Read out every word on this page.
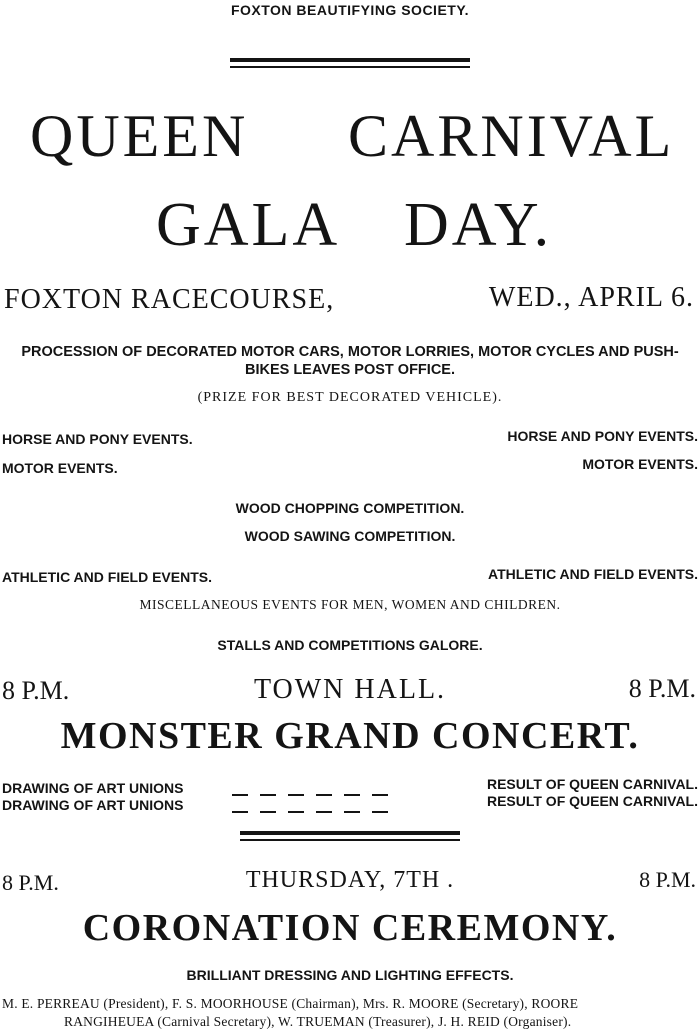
FOXTON BEAUTIFYING SOCIETY.
QUEEN CARNIVAL
GALA DAY.
FOXTON RACECOURSE,	WED., APRIL 6.
PROCESSION OF DECORATED MOTOR CARS, MOTOR LORRIES, MOTOR CYCLES AND PUSH-
BIKES LEAVES POST OFFICE.
(PRIZE FOR BEST DECORATED VEHICLE).
HORSE AND PONY EVENTS.	HORSE AND PONY EVENTS.
MOTOR EVENTS.	MOTOR EVENTS.
WOOD CHOPPING COMPETITION.
WOOD SAWING COMPETITION.
ATHLETIC AND FIELD EVENTS.	ATHLETIC AND FIELD EVENTS.
MISCELLANEOUS EVENTS FOR MEN, WOMEN AND CHILDREN.
STALLS AND COMPETITIONS GALORE.
8 P.M.	TOWN HALL.	8 P.M.
MONSTER GRAND CONCERT.
DRAWING OF ART UNIONS	RESULT OF QUEEN CARNIVAL.
DRAWING OF ART UNIONS	RESULT OF QUEEN CARNIVAL.
8 P.M.	THURSDAY, 7TH .	8 P.M.
CORONATION CEREMONY.
BRILLIANT DRESSING AND LIGHTING EFFECTS.
M. E. PERREAU (President), F. S. MOORHOUSE (Chairman), Mrs. R. MOORE (Secretary), ROORE
RANGIHEUEA (Carnival Secretary), W. TRUEMAN (Treasurer), J. H. REID (Organiser).
